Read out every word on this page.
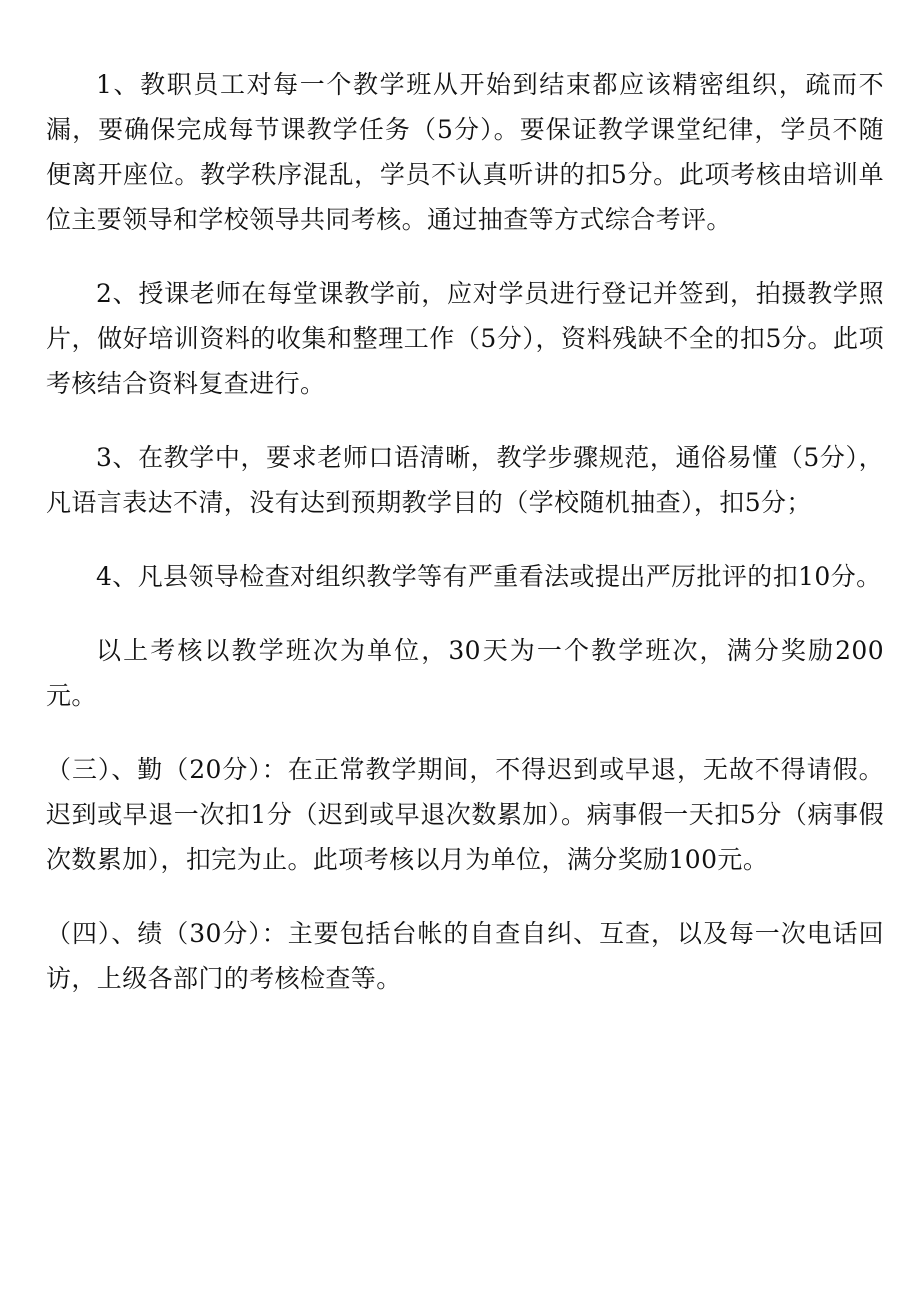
1、教职员工对每一个教学班从开始到结束都应该精密组织，疏而不漏，要确保完成每节课教学任务（5分）。要保证教学课堂纪律，学员不随便离开座位。教学秩序混乱，学员不认真听讲的扣5分。此项考核由培训单位主要领导和学校领导共同考核。通过抽查等方式综合考评。

2、授课老师在每堂课教学前，应对学员进行登记并签到，拍摄教学照片，做好培训资料的收集和整理工作（5分），资料残缺不全的扣5分。此项考核结合资料复查进行。

3、在教学中，要求老师口语清晰，教学步骤规范，通俗易懂（5分），凡语言表达不清，没有达到预期教学目的（学校随机抽查），扣5分；

4、凡县领导检查对组织教学等有严重看法或提出严厉批评的扣10分。

以上考核以教学班次为单位，30天为一个教学班次，满分奖励200元。

（三）、勤（20分）：在正常教学期间，不得迟到或早退，无故不得请假。迟到或早退一次扣1分（迟到或早退次数累加）。病事假一天扣5分（病事假次数累加），扣完为止。此项考核以月为单位，满分奖励100元。

（四）、绩（30分）：主要包括台帐的自查自纠、互查，以及每一次电话回访，上级各部门的考核检查等。
